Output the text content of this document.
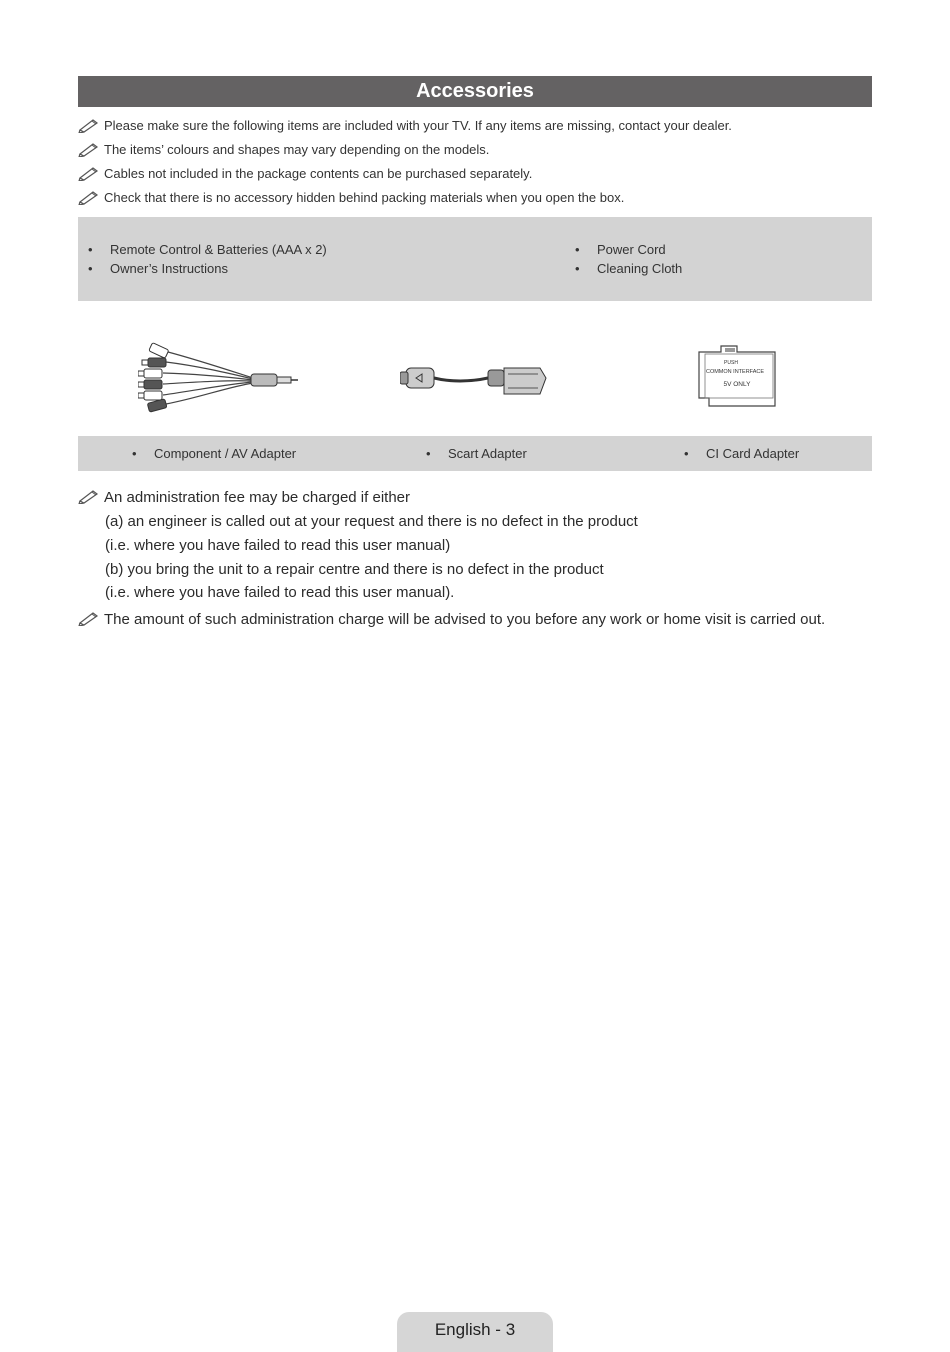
Accessories
Please make sure the following items are included with your TV. If any items are missing, contact your dealer.
The items’ colours and shapes may vary depending on the models.
Cables not included in the package contents can be purchased separately.
Check that there is no accessory hidden behind packing materials when you open the box.
• Remote Control & Batteries (AAA x 2)
• Owner’s Instructions
• Power Cord
• Cleaning Cloth
PUSH
COMMON INTERFACE
5V ONLY
• Component / AV Adapter	• Scart Adapter	• CI Card Adapter
An administration fee may be charged if either
(a) an engineer is called out at your request and there is no defect in the product
(i.e. where you have failed to read this user manual)
(b) you bring the unit to a repair centre and there is no defect in the product
(i.e. where you have failed to read this user manual).
The amount of such administration charge will be advised to you before any work or home visit is carried out.
English - 3
